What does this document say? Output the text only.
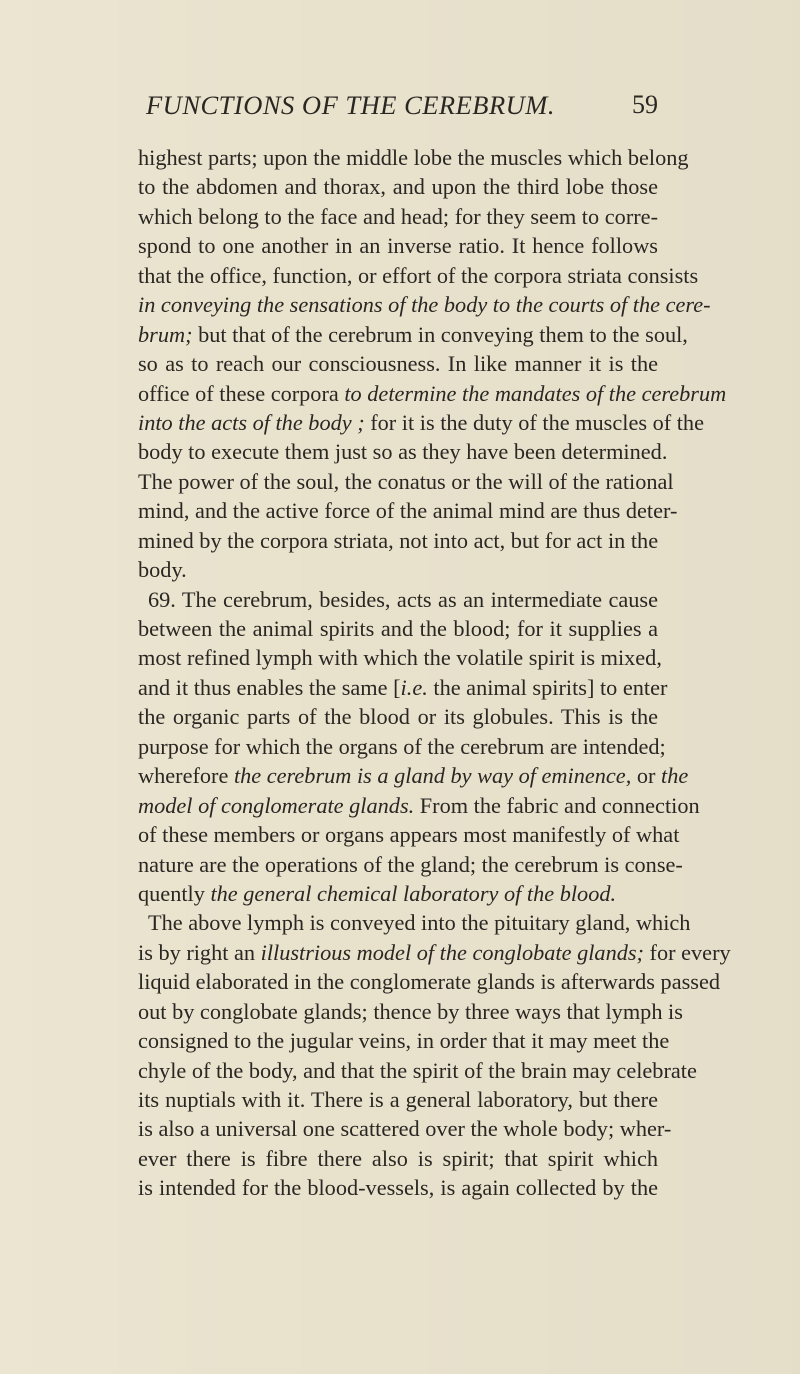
FUNCTIONS OF THE CEREBRUM.	59
highest parts; upon the middle lobe the muscles which belong
to the abdomen and thorax, and upon the third lobe those
which belong to the face and head; for they seem to corre-
spond to one another in an inverse ratio. It hence follows
that the office, function, or effort of the corpora striata consists
in conveying the sensations of the body to the courts of the cere-
brum; but that of the cerebrum in conveying them to the soul,
so as to reach our consciousness. In like manner it is the
office of these corpora to determine the mandates of the cerebrum
into the acts of the body ; for it is the duty of the muscles of the
body to execute them just so as they have been determined.
The power of the soul, the conatus or the will of the rational
mind, and the active force of the animal mind are thus deter-
mined by the corpora striata, not into act, but for act in the
body.
69. The cerebrum, besides, acts as an intermediate cause
between the animal spirits and the blood; for it supplies a
most refined lymph with which the volatile spirit is mixed,
and it thus enables the same [i.e. the animal spirits] to enter
the organic parts of the blood or its globules. This is the
purpose for which the organs of the cerebrum are intended;
wherefore the cerebrum is a gland by way of eminence, or the
model of conglomerate glands. From the fabric and connection
of these members or organs appears most manifestly of what
nature are the operations of the gland; the cerebrum is conse-
quently the general chemical laboratory of the blood.
The above lymph is conveyed into the pituitary gland, which
is by right an illustrious model of the conglobate glands; for every
liquid elaborated in the conglomerate glands is afterwards passed
out by conglobate glands; thence by three ways that lymph is
consigned to the jugular veins, in order that it may meet the
chyle of the body, and that the spirit of the brain may celebrate
its nuptials with it. There is a general laboratory, but there
is also a universal one scattered over the whole body; wher-
ever there is fibre there also is spirit; that spirit which
is intended for the blood-vessels, is again collected by the
